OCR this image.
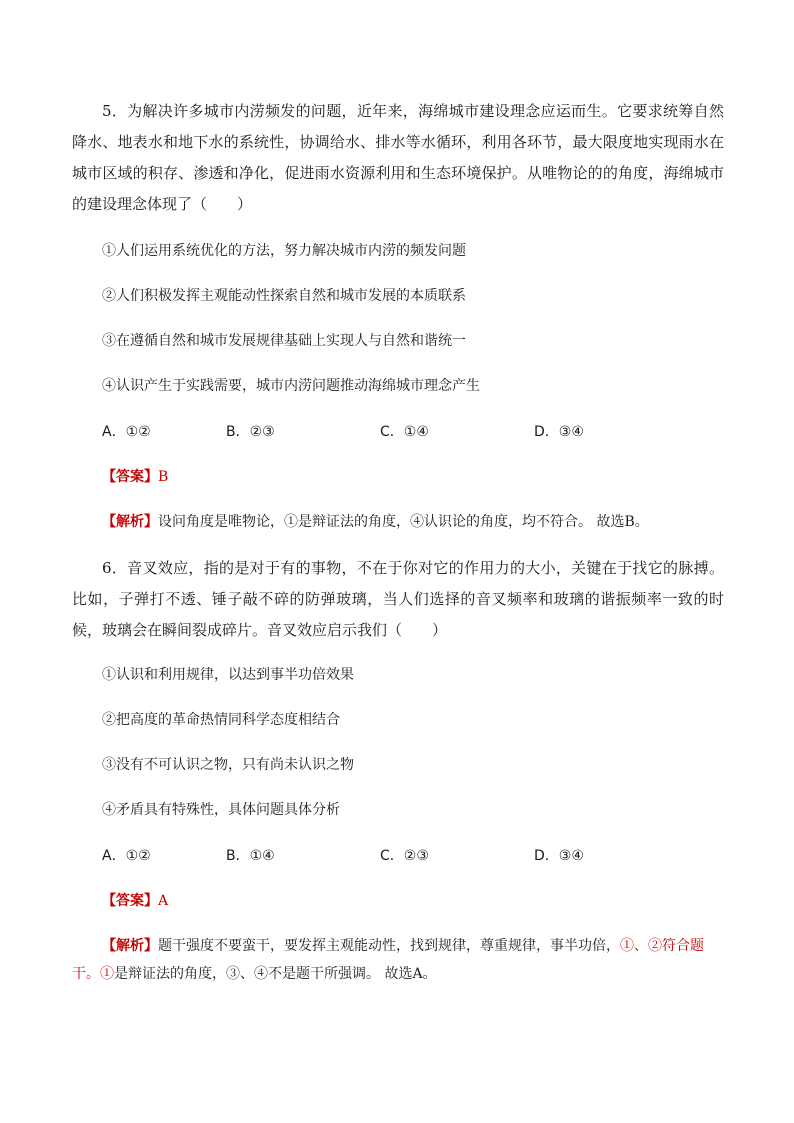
5．为解决许多城市内涝频发的问题，近年来，海绵城市建设理念应运而生。它要求统筹自然降水、地表水和地下水的系统性，协调给水、排水等水循环，利用各环节，最大限度地实现雨水在城市区域的积存、渗透和净化，促进雨水资源利用和生态环境保护。从唯物论的的角度，海绵城市的建设理念体现了（　　）

①人们运用系统优化的方法，努力解决城市内涝的频发问题

②人们积极发挥主观能动性探索自然和城市发展的本质联系

③在遵循自然和城市发展规律基础上实现人与自然和谐统一

④认识产生于实践需要，城市内涝问题推动海绵城市理念产生

A．①②	B．②③	C．①④	D．③④

【答案】B

【解析】设问角度是唯物论，①是辩证法的角度，④认识论的角度，均不符合。 故选B。

6．音叉效应，指的是对于有的事物，不在于你对它的作用力的大小，关键在于找它的脉搏。比如，子弹打不透、锤子敲不碎的防弹玻璃，当人们选择的音叉频率和玻璃的谐振频率一致的时候，玻璃会在瞬间裂成碎片。音叉效应启示我们（　　）

①认识和利用规律，以达到事半功倍效果

②把高度的革命热情同科学态度相结合

③没有不可认识之物，只有尚未认识之物

④矛盾具有特殊性，具体问题具体分析

A．①②	B．①④	C．②③	D．③④

【答案】A

【解析】题干强度不要蛮干，要发挥主观能动性，找到规律，尊重规律，事半功倍，①、②符合题干。①是辩证法的角度，③、④不是题干所强调。 故选A。
